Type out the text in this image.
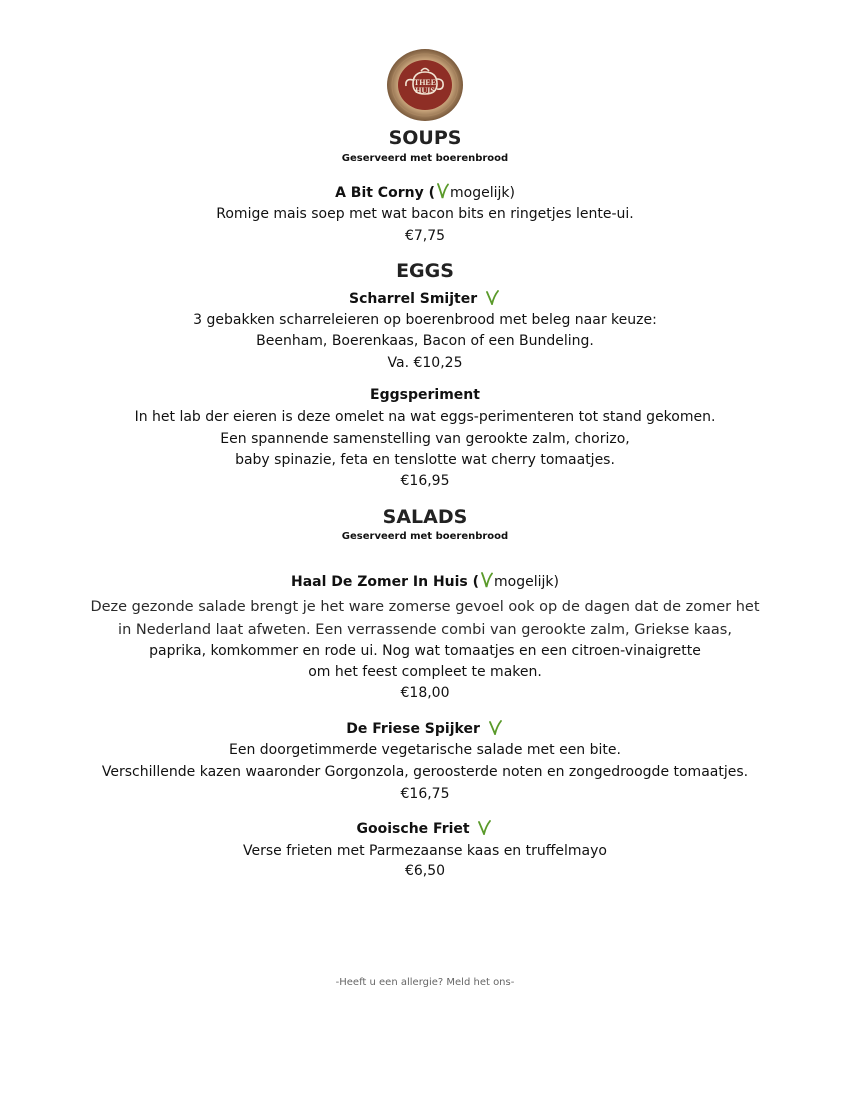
THEE
HUIS
SOUPS
Geserveerd met boerenbrood
A Bit Corny ( mogelijk)
Romige mais soep met wat bacon bits en ringetjes lente-ui.
€7,75
EGGS
Scharrel Smijter
3 gebakken scharreleieren op boerenbrood met beleg naar keuze:
Beenham, Boerenkaas, Bacon of een Bundeling.
Va. €10,25
Eggsperiment
In het lab der eieren is deze omelet na wat eggs-perimenteren tot stand gekomen.
Een spannende samenstelling van gerookte zalm, chorizo,
baby spinazie, feta en tenslotte wat cherry tomaatjes.
€16,95
SALADS
Geserveerd met boerenbrood
Haal De Zomer In Huis ( mogelijk)
Deze gezonde salade brengt je het ware zomerse gevoel ook op de dagen dat de zomer het
in Nederland laat afweten. Een verrassende combi van gerookte zalm, Griekse kaas,
paprika, komkommer en rode ui. Nog wat tomaatjes en een citroen-vinaigrette
om het feest compleet te maken.
€18,00
De Friese Spijker
Een doorgetimmerde vegetarische salade met een bite.
Verschillende kazen waaronder Gorgonzola, geroosterde noten en zongedroogde tomaatjes.
€16,75
Gooische Friet
Verse frieten met Parmezaanse kaas en truffelmayo
€6,50
-Heeft u een allergie? Meld het ons-
